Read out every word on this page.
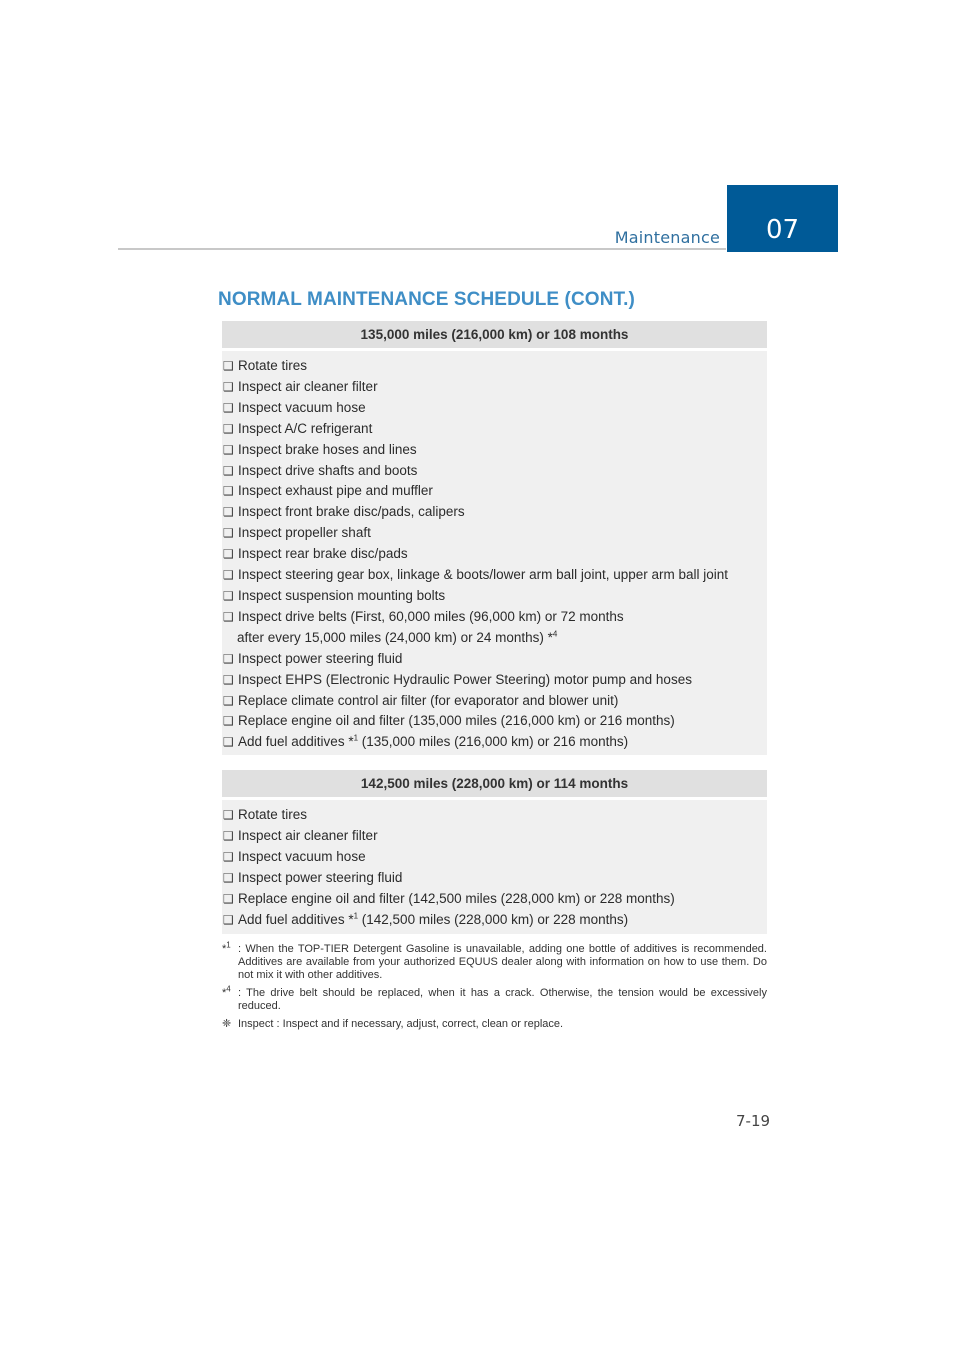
Maintenance	07
NORMAL MAINTENANCE SCHEDULE (CONT.)
135,000 miles (216,000 km) or 108 months
❑ Rotate tires
❑ Inspect air cleaner filter
❑ Inspect vacuum hose
❑ Inspect A/C refrigerant
❑ Inspect brake hoses and lines
❑ Inspect drive shafts and boots
❑ Inspect exhaust pipe and muffler
❑ Inspect front brake disc/pads, calipers
❑ Inspect propeller shaft
❑ Inspect rear brake disc/pads
❑ Inspect steering gear box, linkage & boots/lower arm ball joint, upper arm ball joint
❑ Inspect suspension mounting bolts
❑ Inspect drive belts (First, 60,000 miles (96,000 km) or 72 months
after every 15,000 miles (24,000 km) or 24 months) *$^4$
❑ Inspect power steering fluid
❑ Inspect EHPS (Electronic Hydraulic Power Steering) motor pump and hoses
❑ Replace climate control air filter (for evaporator and blower unit)
❑ Replace engine oil and filter (135,000 miles (216,000 km) or 216 months)
❑ Add fuel additives *$^1$ (135,000 miles (216,000 km) or 216 months)
142,500 miles (228,000 km) or 114 months
❑ Rotate tires
❑ Inspect air cleaner filter
❑ Inspect vacuum hose
❑ Inspect power steering fluid
❑ Replace engine oil and filter (142,500 miles (228,000 km) or 228 months)
❑ Add fuel additives *$^1$ (142,500 miles (228,000 km) or 228 months)
*$^1$ : When the TOP-TIER Detergent Gasoline is unavailable, adding one bottle of additives is recommended. Additives are available from your authorized EQUUS dealer along with information on how to use them. Do not mix it with other additives.
*$^4$ : The drive belt should be replaced, when it has a crack. Otherwise, the tension would be excessively reduced.
❈ Inspect : Inspect and if necessary, adjust, correct, clean or replace.
7-19
